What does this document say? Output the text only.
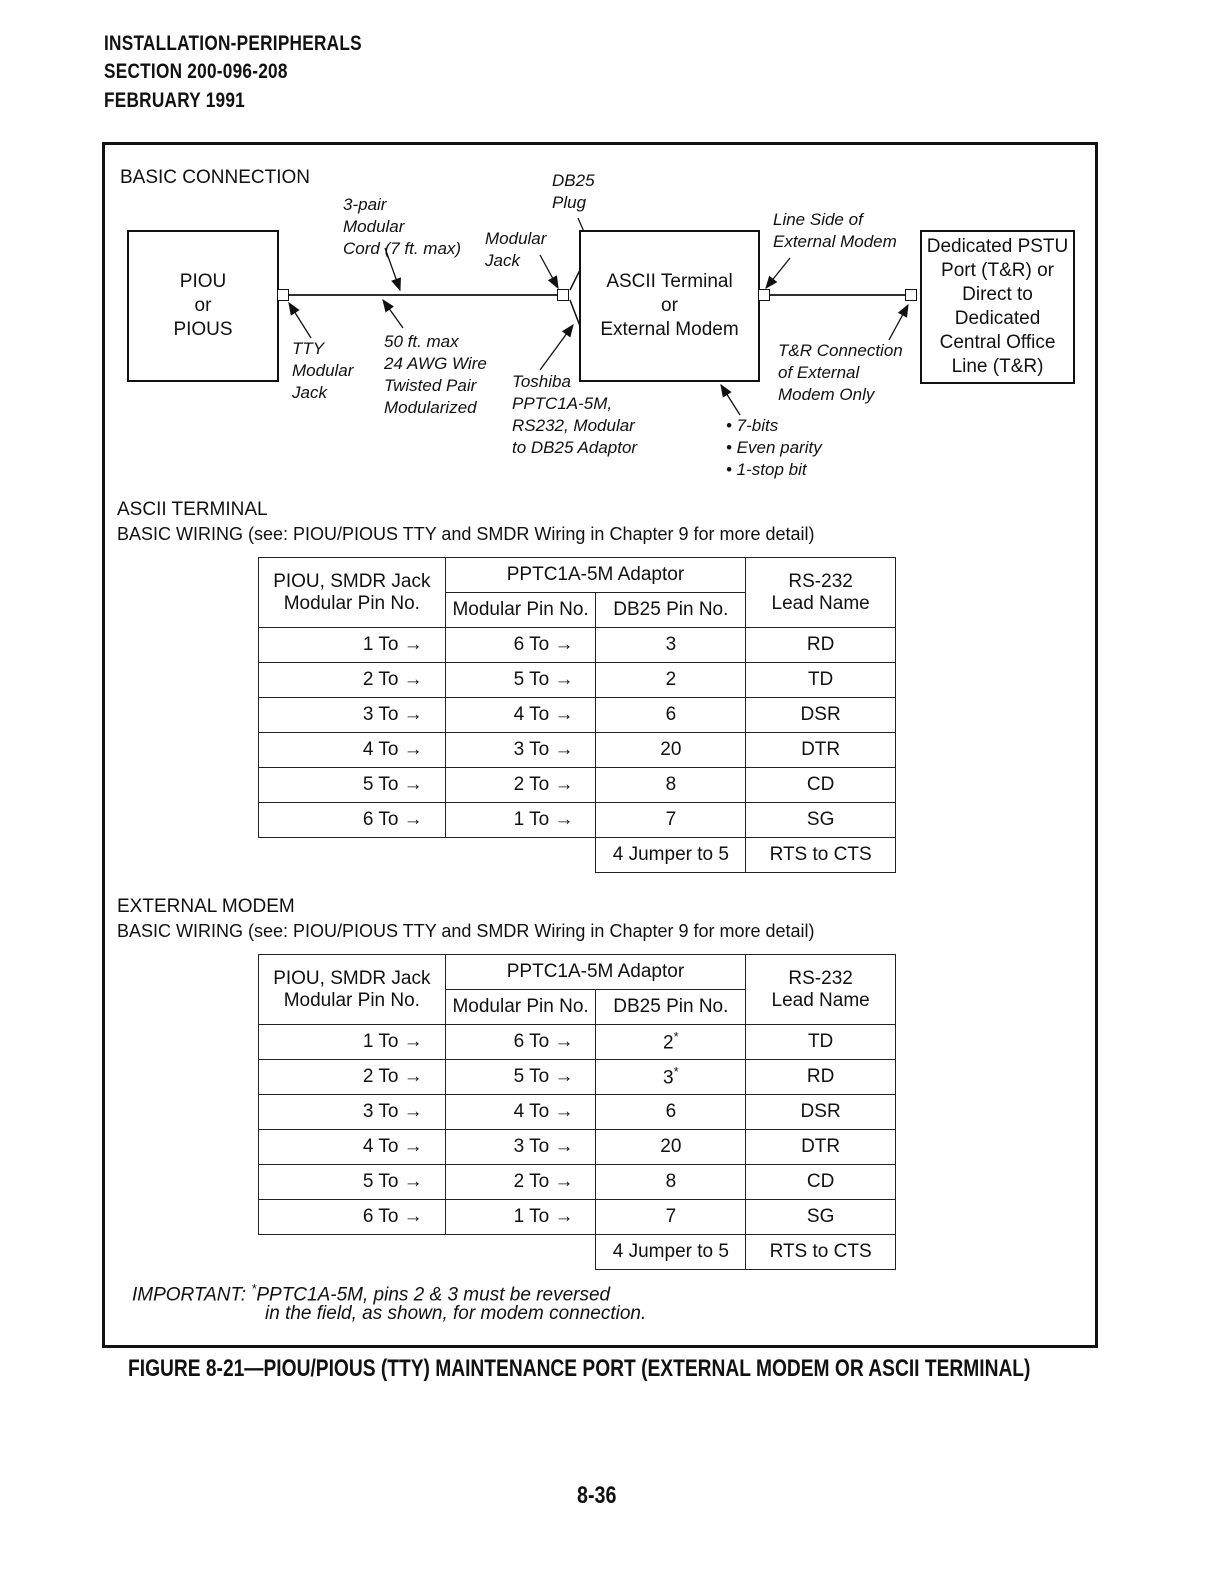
INSTALLATION-PERIPHERALS
SECTION 200-096-208
FEBRUARY 1991
BASIC CONNECTION
PIOU
or
PIOUS
ASCII Terminal
or
External Modem
Dedicated PSTU
Port (T&R) or
Direct to
Dedicated
Central Office
Line (T&R)
3-pair
Modular
Cord (7 ft. max)
DB25
Plug
Modular
Jack
TTY
Modular
Jack
50 ft. max
24 AWG Wire
Twisted Pair
Modularized
Toshiba
PPTC1A-5M,
RS232, Modular
to DB25 Adaptor
Line Side of
External Modem
T&R Connection
of External
Modem Only
• 7-bits
• Even parity
• 1-stop bit
ASCII TERMINAL
BASIC WIRING (see: PIOU/PIOUS TTY and SMDR Wiring in Chapter 9 for more detail)
PIOU, SMDR Jack
Modular Pin No.	PPTC1A-5M Adaptor		RS-232
Lead Name
	Modular Pin No.	DB25 Pin No.	
1 To →	6 To →	3	RD
2 To →	5 To →	2	TD
3 To →	4 To →	6	DSR
4 To →	3 To →	20	DTR
5 To →	2 To →	8	CD
6 To →	1 To →	7	SG
		4 Jumper to 5	RTS to CTS
EXTERNAL MODEM
BASIC WIRING (see: PIOU/PIOUS TTY and SMDR Wiring in Chapter 9 for more detail)
PIOU, SMDR Jack
Modular Pin No.	PPTC1A-5M Adaptor		RS-232
Lead Name
	Modular Pin No.	DB25 Pin No.	
1 To →	6 To →	2*	TD
2 To →	5 To →	3*	RD
3 To →	4 To →	6	DSR
4 To →	3 To →	20	DTR
5 To →	2 To →	8	CD
6 To →	1 To →	7	SG
		4 Jumper to 5	RTS to CTS
IMPORTANT: *PPTC1A-5M, pins 2 & 3 must be reversed
in the field, as shown, for modem connection.
FIGURE 8-21—PIOU/PIOUS (TTY) MAINTENANCE PORT (EXTERNAL MODEM OR ASCII TERMINAL)
8-36
